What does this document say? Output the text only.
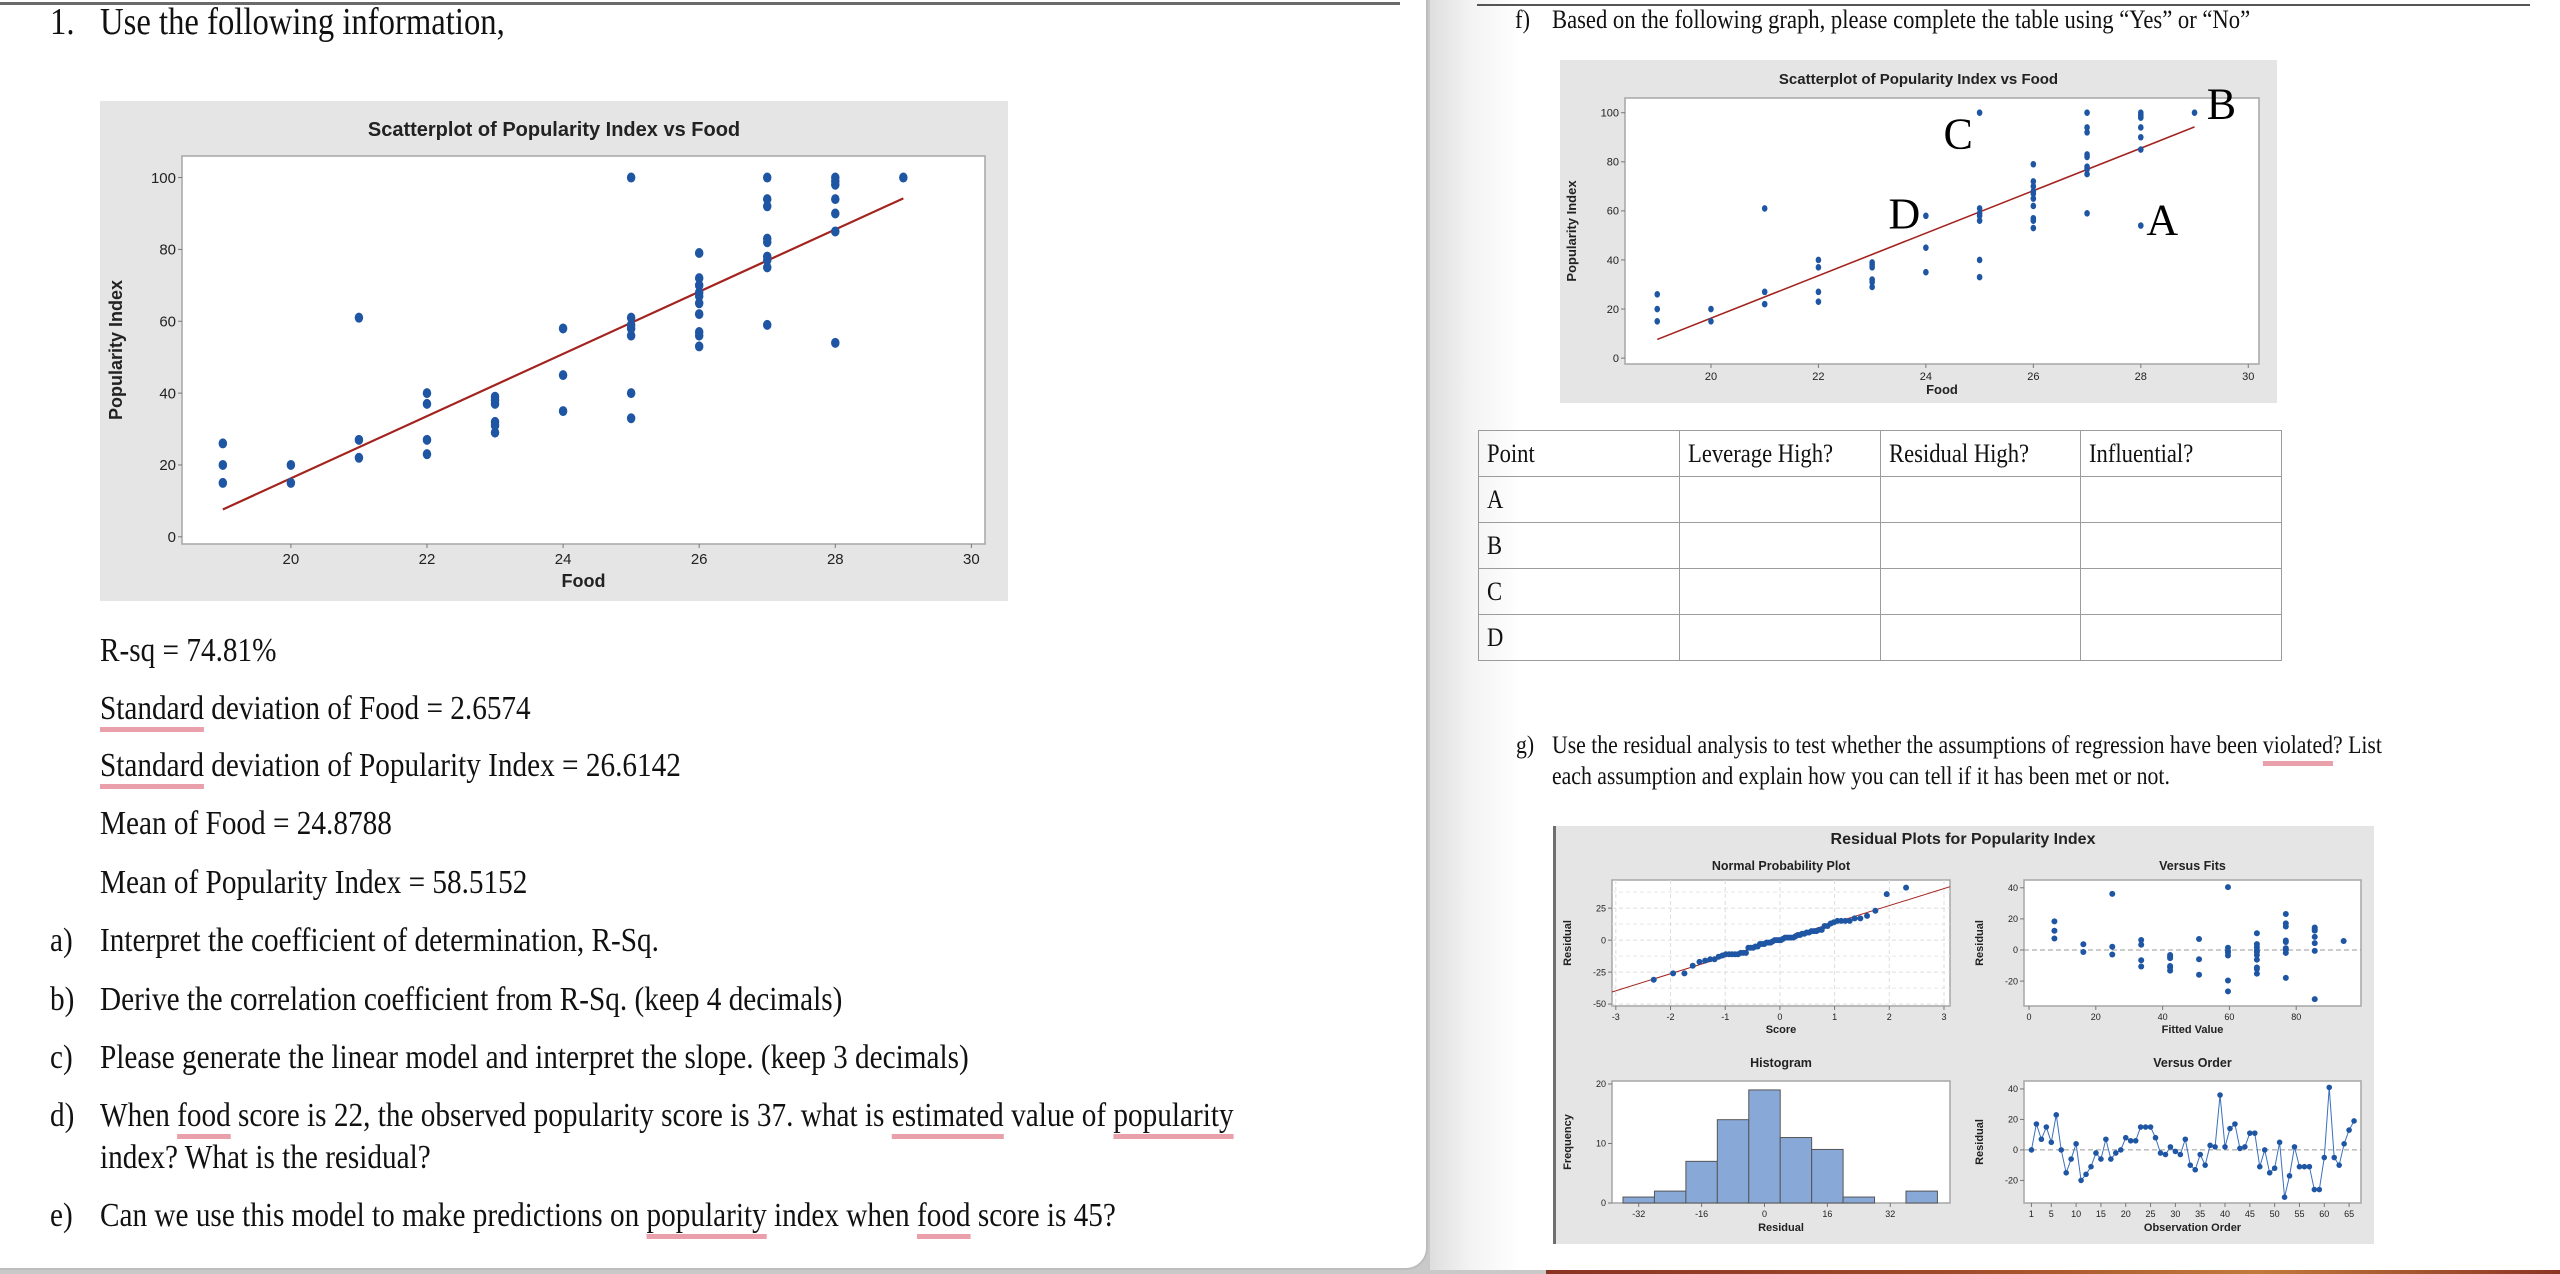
1. Use the following information,
Scatterplot of Popularity Index vs Food
20	22	24	26	28	30
0
20
40
60
80
100
Food
Popularity Index
R-sq = 74.81%
Standard deviation of Food = 2.6574
Standard deviation of Popularity Index = 26.6142
Mean of Food = 24.8788
Mean of Popularity Index = 58.5152
a) Interpret the coefficient of determination, R-Sq.
b) Derive the correlation coefficient from R-Sq. (keep 4 decimals)
c) Please generate the linear model and interpret the slope. (keep 3 decimals)
d) When food score is 22, the observed popularity score is 37. what is estimated value of popularity
index? What is the residual?
e) Can we use this model to make predictions on popularity index when food score is 45?
f) Based on the following graph, please complete the table using “Yes” or “No”
g) Use the residual analysis to test whether the assumptions of regression have been violated? List
each assumption and explain how you can tell if it has been met or not.
Scatterplot of Popularity Index vs Food
20	22	24	26	28	30
0
20
40
60
80
100
Food
Popularity Index	A
B
C
D
Point	Leverage High?	Residual High?	Influential?
A			
B			
C			
D			
Residual Plots for Popularity Index
Normal Probability Plot
-3	-2	-1	0	1	2	3
-50
-25
0
25
Score
Residual
Versus Fits
0	20	40	60	80
-20
0
20
40
Fitted Value
Residual
Histogram
-32	-16	0	16	32
0
10
20
Residual
Frequency
Versus Order
1 5 10 15 20 25 30 35 40 45 50 55 60 65
-20
0
20
40
Observation Order
Residual
